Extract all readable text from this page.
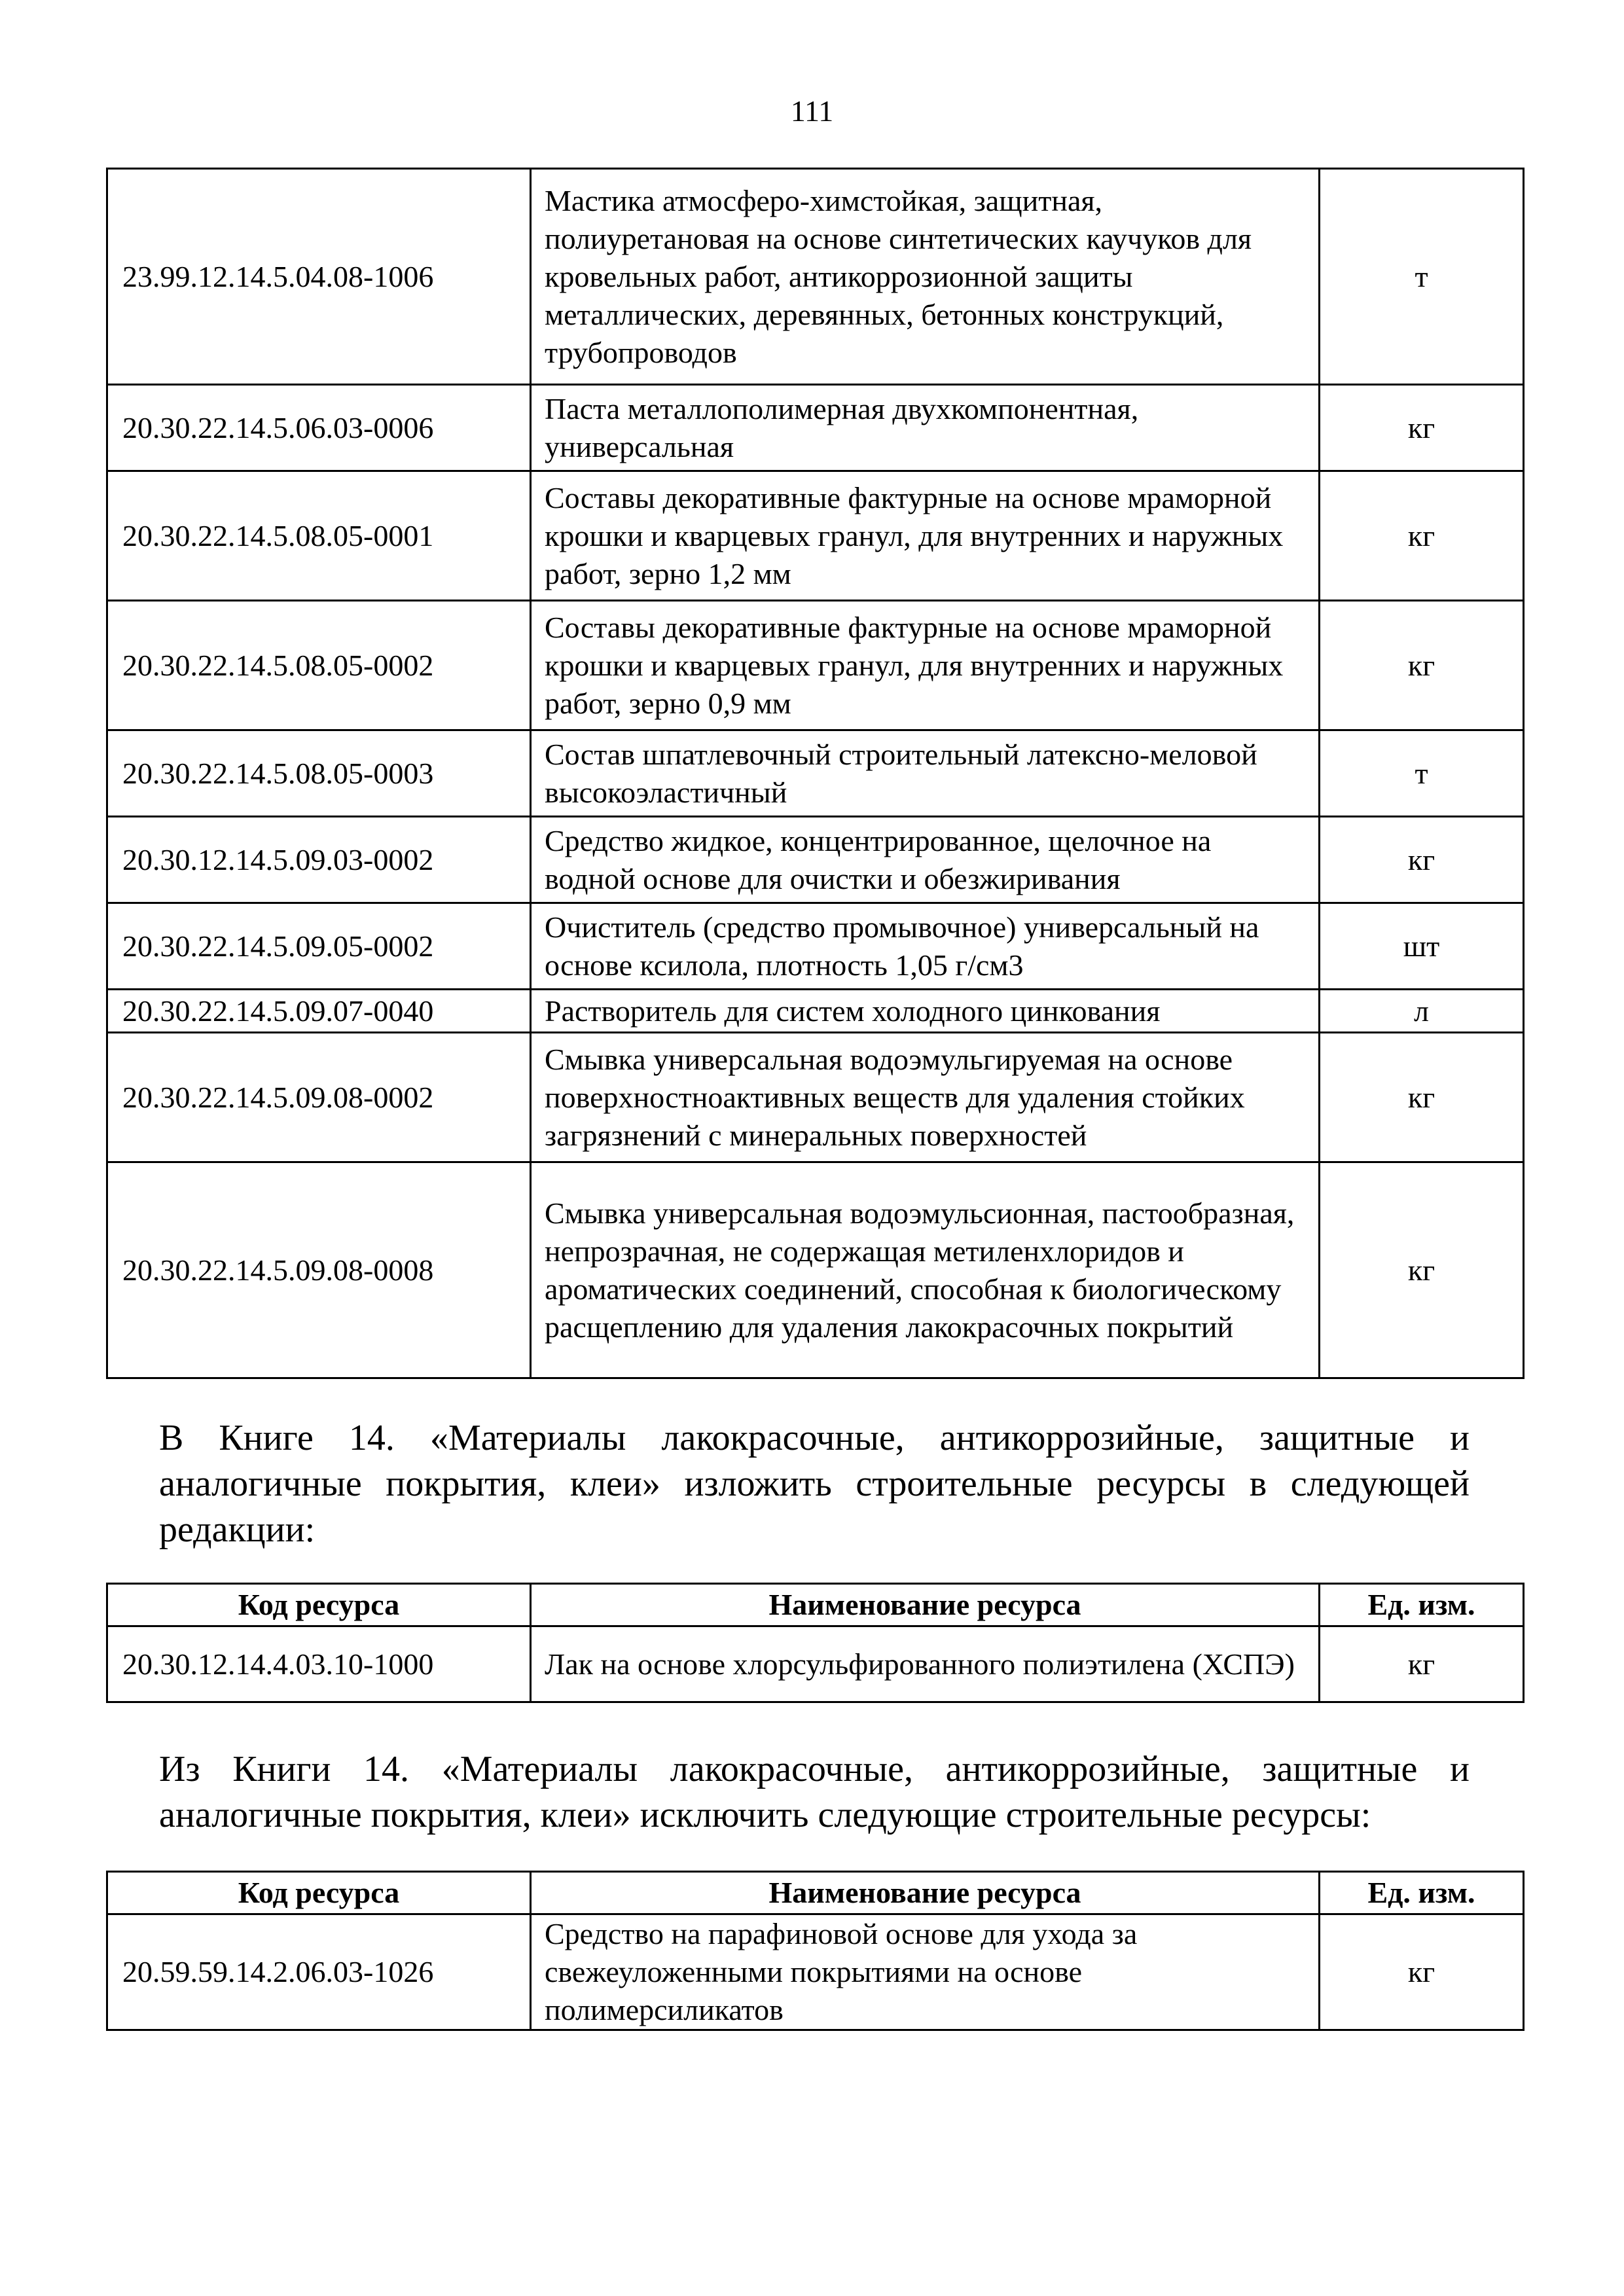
111
23.99.12.14.5.04.08-1006	Мастика атмосферо-химстойкая, защитная, полиуретановая на основе синтетических каучуков для кровельных работ, антикоррозионной защиты металлических, деревянных, бетонных конструкций, трубопроводов	т
20.30.22.14.5.06.03-0006	Паста металлополимерная двухкомпонентная, универсальная	кг
20.30.22.14.5.08.05-0001	Составы декоративные фактурные на основе мраморной крошки и кварцевых гранул, для внутренних и наружных работ, зерно 1,2 мм	кг
20.30.22.14.5.08.05-0002	Составы декоративные фактурные на основе мраморной крошки и кварцевых гранул, для внутренних и наружных работ, зерно 0,9 мм	кг
20.30.22.14.5.08.05-0003	Состав шпатлевочный строительный латексно-меловой высокоэластичный	т
20.30.12.14.5.09.03-0002	Средство жидкое, концентрированное, щелочное на водной основе для очистки и обезжиривания	кг
20.30.22.14.5.09.05-0002	Очиститель (средство промывочное) универсальный на основе ксилола, плотность 1,05 г/см3	шт
20.30.22.14.5.09.07-0040	Растворитель для систем холодного цинкования	л
20.30.22.14.5.09.08-0002	Смывка универсальная водоэмульгируемая на основе поверхностноактивных веществ для удаления стойких загрязнений с минеральных поверхностей	кг
20.30.22.14.5.09.08-0008	Смывка универсальная водоэмульсионная, пастообразная, непрозрачная, не содержащая метиленхлоридов и ароматических соединений, способная к биологическому расщеплению для удаления лакокрасочных покрытий	кг

В Книге 14. «Материалы лакокрасочные, антикоррозийные, защитные и аналогичные покрытия, клеи» изложить строительные ресурсы в следующей редакции:

Код ресурса	Наименование ресурса	Ед. изм.
20.30.12.14.4.03.10-1000	Лак на основе хлорсульфированного полиэтилена (ХСПЭ)	кг

Из Книги 14. «Материалы лакокрасочные, антикоррозийные, защитные и аналогичные покрытия, клеи» исключить следующие строительные ресурсы:

Код ресурса	Наименование ресурса	Ед. изм.
20.59.59.14.2.06.03-1026	Средство на парафиновой основе для ухода за свежеуложенными покрытиями на основе полимерсиликатов	кг
